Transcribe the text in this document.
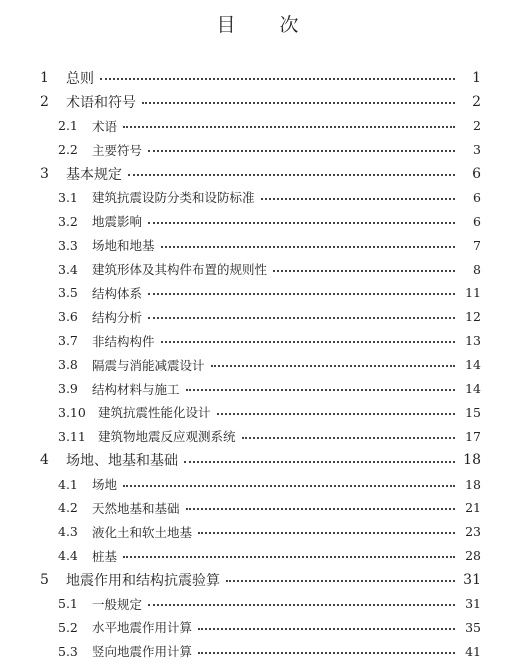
目　　次
1	总则	1
2	术语和符号	2
2.1	术语	2
2.2	主要符号	3
3	基本规定	6
3.1	建筑抗震设防分类和设防标准	6
3.2	地震影响	6
3.3	场地和地基	7
3.4	建筑形体及其构件布置的规则性	8
3.5	结构体系	11
3.6	结构分析	12
3.7	非结构构件	13
3.8	隔震与消能减震设计	14
3.9	结构材料与施工	14
3.10 建筑抗震性能化设计	15
3.11 建筑物地震反应观测系统	17
4	场地、地基和基础	18
4.1	场地	18
4.2	天然地基和基础	21
4.3	液化土和软土地基	23
4.4	桩基	28
5	地震作用和结构抗震验算	31
5.1	一般规定	31
5.2	水平地震作用计算	35
5.3	竖向地震作用计算	41
